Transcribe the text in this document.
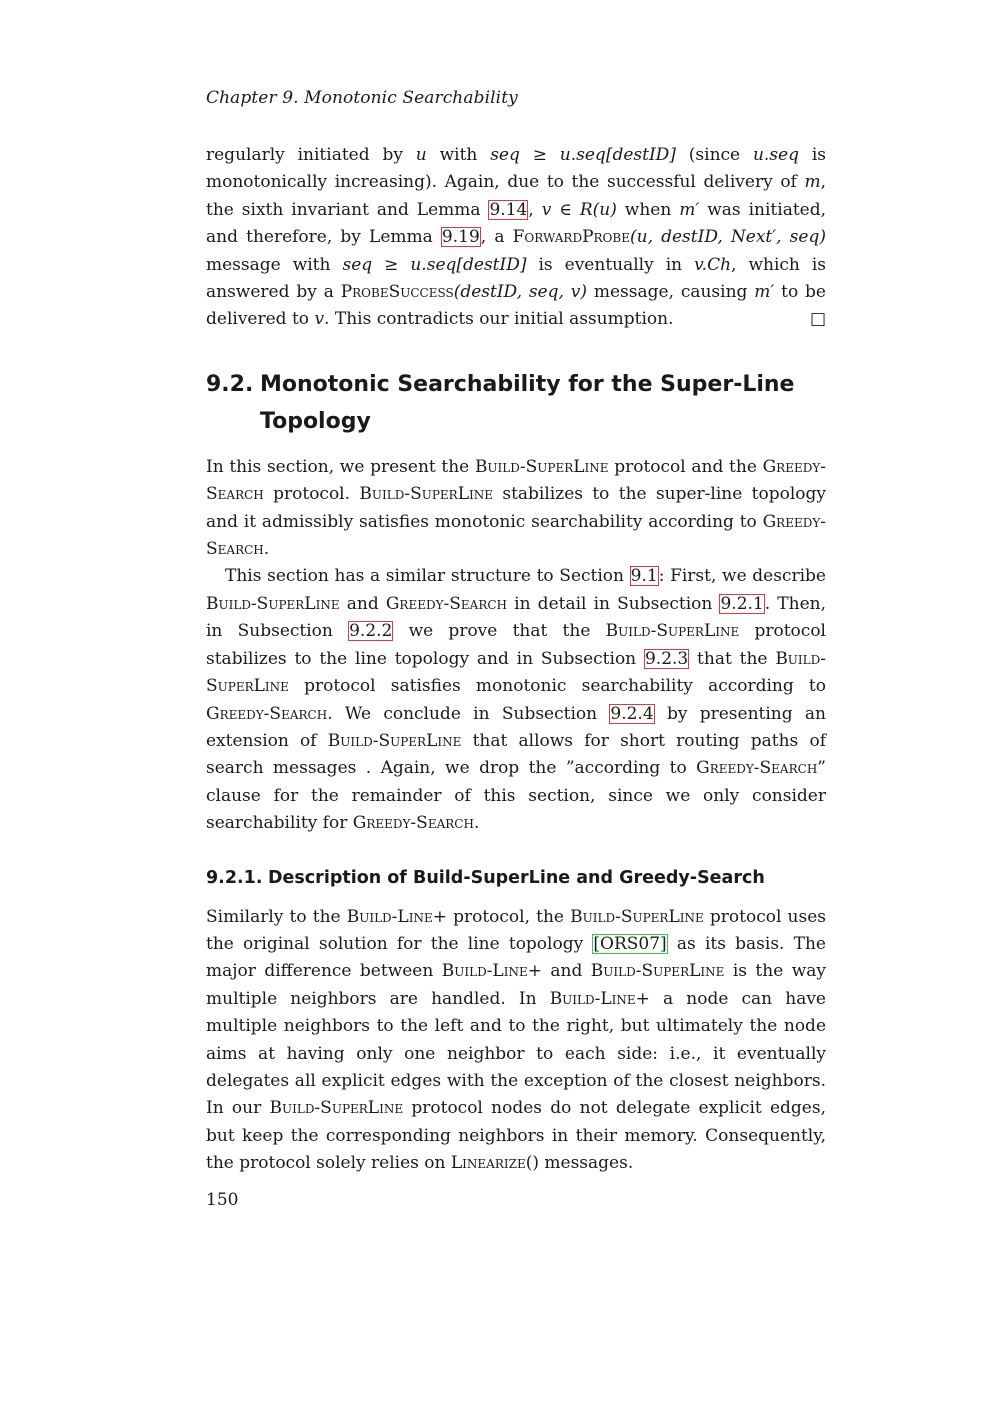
Chapter 9. Monotonic Searchability

regularly initiated by u with seq ≥ u.seq[destID] (since u.seq is monotonically increasing). Again, due to the successful delivery of m, the sixth invariant and Lemma 9.14, v ∈ R(u) when m′ was initiated, and therefore, by Lemma 9.19, a ForwardProbe(u, destID, Next′, seq) message with seq ≥ u.seq[destID] is eventually in v.Ch, which is answered by a ProbeSuccess(destID, seq, v) message, causing m′ to be delivered to v. This contradicts our initial assumption.	□

9.2. Monotonic Searchability for the Super-Line Topology

In this section, we present the Build-SuperLine protocol and the Greedy-Search protocol. Build-SuperLine stabilizes to the super-line topology and it admissibly satisfies monotonic searchability according to Greedy-Search.

This section has a similar structure to Section 9.1: First, we describe Build-SuperLine and Greedy-Search in detail in Subsection 9.2.1. Then, in Subsection 9.2.2 we prove that the Build-SuperLine protocol stabilizes to the line topology and in Subsection 9.2.3 that the Build-SuperLine protocol satisfies monotonic searchability according to Greedy-Search. We conclude in Subsection 9.2.4 by presenting an extension of Build-SuperLine that allows for short routing paths of search messages . Again, we drop the ”according to Greedy-Search” clause for the remainder of this section, since we only consider searchability for Greedy-Search.

9.2.1. Description of Build-SuperLine and Greedy-Search

Similarly to the Build-Line+ protocol, the Build-SuperLine protocol uses the original solution for the line topology [ORS07] as its basis. The major difference between Build-Line+ and Build-SuperLine is the way multiple neighbors are handled. In Build-Line+ a node can have multiple neighbors to the left and to the right, but ultimately the node aims at having only one neighbor to each side: i.e., it eventually delegates all explicit edges with the exception of the closest neighbors. In our Build-SuperLine protocol nodes do not delegate explicit edges, but keep the corresponding neighbors in their memory. Consequently, the protocol solely relies on Linearize() messages.

150
